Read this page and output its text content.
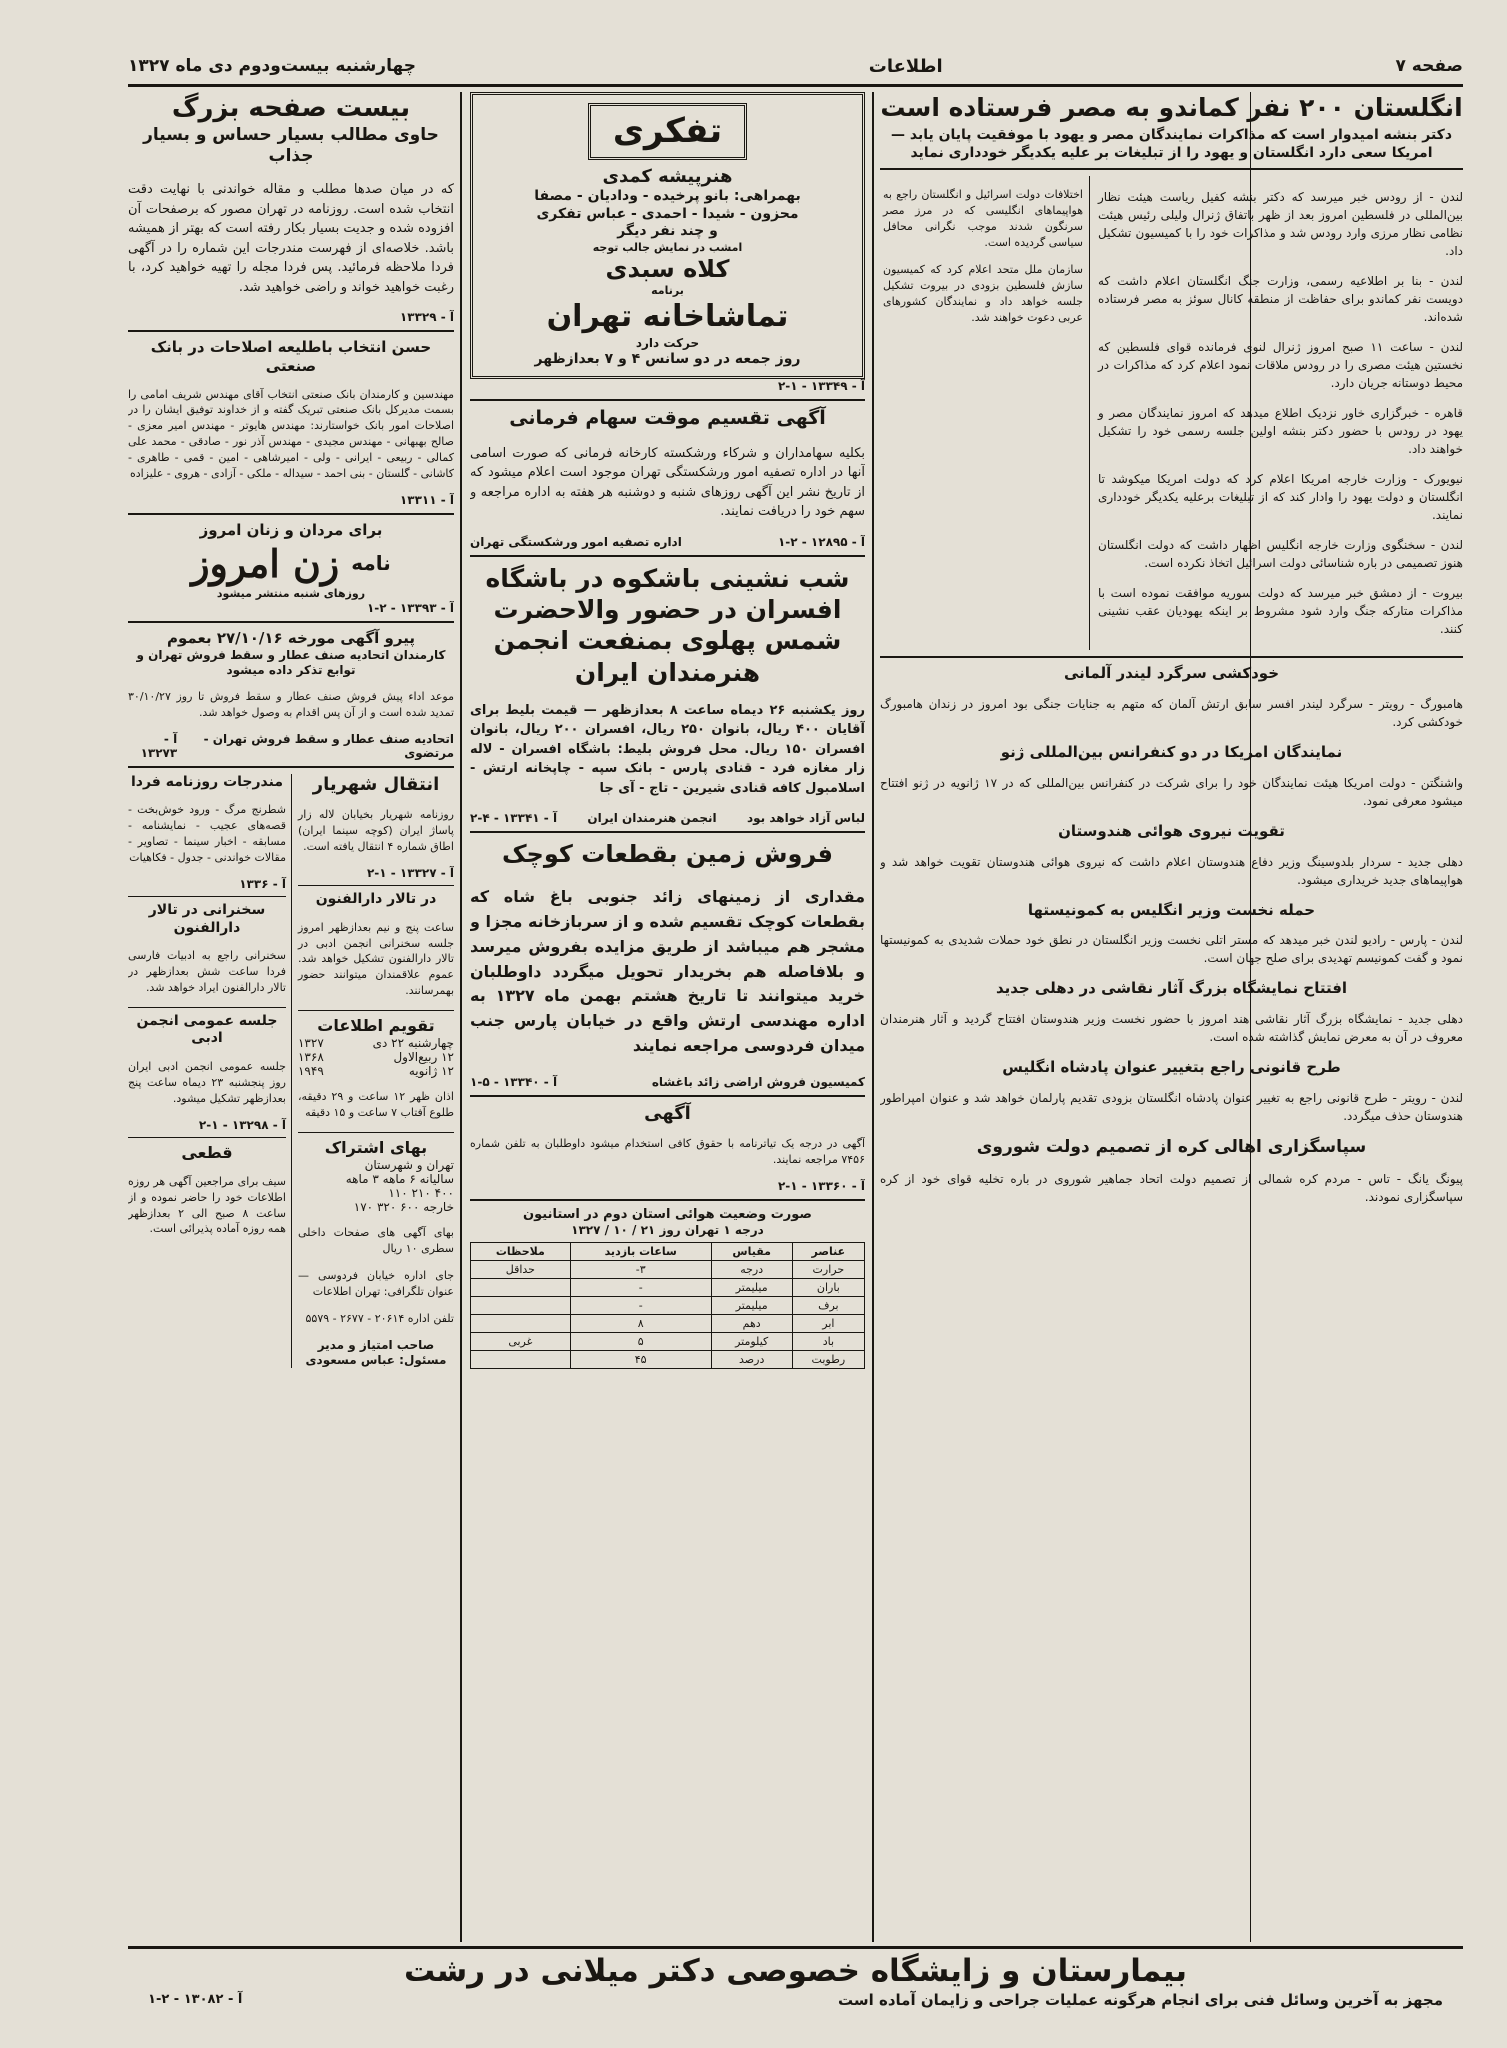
صفحه ۷
اطلاعات
چهارشنبه بیست‌ودوم دی ماه ۱۳۲۷
انگلستان ۲۰۰ نفر کماندو به مصر فرستاده است
دکتر بنشه امیدوار است که مذاکرات نمایندگان مصر و یهود با موفقیت پایان یابد — امریکا سعی دارد انگلستان و یهود را از تبلیغات بر علیه یکدیگر خودداری نماید

لندن - از رودس خبر میرسد که دکتر بنشه کفیل ریاست هیئت نظار بین‌المللی در فلسطین امروز بعد از ظهر باتفاق ژنرال ولیلی رئیس هیئت نظامی نظار مرزی وارد رودس شد و مذاکرات خود را با کمیسیون تشکیل داد.

لندن - بنا بر اطلاعیه رسمی، وزارت جنگ انگلستان اعلام داشت که دویست نفر کماندو برای حفاظت از منطقه کانال سوئز به مصر فرستاده شده‌اند.

لندن - ساعت ۱۱ صبح امروز ژنرال لنوی فرمانده قوای فلسطین که نخستین هیئت مصری را در رودس ملاقات نمود اعلام کرد که مذاکرات در محیط دوستانه جریان دارد.

قاهره - خبرگزاری خاور نزدیک اطلاع میدهد که امروز نمایندگان مصر و یهود در رودس با حضور دکتر بنشه اولین جلسه رسمی خود را تشکیل خواهند داد.

نیویورک - وزارت خارجه امریکا اعلام کرد که دولت امریکا میکوشد تا انگلستان و دولت یهود را وادار کند که از تبلیغات برعلیه یکدیگر خودداری نمایند.

لندن - سخنگوی وزارت خارجه انگلیس اظهار داشت که دولت انگلستان هنوز تصمیمی در باره شناسائی دولت اسرائیل اتخاذ نکرده است.

بیروت - از دمشق خبر میرسد که دولت سوریه موافقت نموده است با مذاکرات متارکه جنگ وارد شود مشروط بر اینکه یهودیان عقب نشینی کنند.

اختلافات دولت اسرائیل و انگلستان راجع به هواپیماهای انگلیسی که در مرز مصر سرنگون شدند موجب نگرانی محافل سیاسی گردیده است.

سازمان ملل متحد اعلام کرد که کمیسیون سازش فلسطین بزودی در بیروت تشکیل جلسه خواهد داد و نمایندگان کشورهای عربی دعوت خواهند شد.

خودکشی سرگرد لیندر آلمانی

هامبورگ - رویتر - سرگرد لیندر افسر سابق ارتش آلمان که متهم به جنایات جنگی بود امروز در زندان هامبورگ خودکشی کرد.

نمایندگان امریکا در دو کنفرانس بین‌المللی ژنو

واشنگتن - دولت امریکا هیئت نمایندگان خود را برای شرکت در کنفرانس بین‌المللی که در ۱۷ ژانویه در ژنو افتتاح میشود معرفی نمود.

تقویت نیروی هوائی هندوستان

دهلی جدید - سردار بلدوسینگ وزیر دفاع هندوستان اعلام داشت که نیروی هوائی هندوستان تقویت خواهد شد و هواپیماهای جدید خریداری میشود.

حمله نخست وزیر انگلیس به کمونیستها

لندن - پارس - رادیو لندن خبر میدهد که مستر اتلی نخست وزیر انگلستان در نطق خود حملات شدیدی به کمونیستها نمود و گفت کمونیسم تهدیدی برای صلح جهان است.

افتتاح نمایشگاه بزرگ آثار نقاشی در دهلی جدید

دهلی جدید - نمایشگاه بزرگ آثار نقاشی هند امروز با حضور نخست وزیر هندوستان افتتاح گردید و آثار هنرمندان معروف در آن به معرض نمایش گذاشته شده است.

طرح قانونی راجع بتغییر عنوان پادشاه انگلیس

لندن - رویتر - طرح قانونی راجع به تغییر عنوان پادشاه انگلستان بزودی تقدیم پارلمان خواهد شد و عنوان امپراطور هندوستان حذف میگردد.

سپاسگزاری اهالی کره از تصمیم دولت شوروی

پیونگ یانگ - تاس - مردم کره شمالی از تصمیم دولت اتحاد جماهیر شوروی در باره تخلیه قوای خود از کره سپاسگزاری نمودند.

تفکری
هنرپیشه کمدی
بهمراهی: بانو پرخیده - ودادیان - مصفا
محزون - شیدا - احمدی - عباس تفکری
و چند نفر دیگر
امشب در نمایش جالب توجه
کلاه سبدی
برنامه
تماشاخانه تهران
حرکت دارد
روز جمعه در دو سانس ۴ و ۷ بعدازظهر
آ - ۱۳۳۴۹ - ۱-۲
آگهی تقسیم موقت سهام فرمانی

بکلیه سهامداران و شرکاء ورشکسته کارخانه فرمانی که صورت اسامی آنها در اداره تصفیه امور ورشکستگی تهران موجود است اعلام میشود که از تاریخ نشر این آگهی روزهای شنبه و دوشنبه هر هفته به اداره مراجعه و سهم خود را دریافت نمایند.

آ - ۱۲۸۹۵ - ۲-۱
اداره تصفیه امور ورشکستگی تهران
شب نشینی باشکوه در باشگاه
افسران در حضور والاحضرت
شمس پهلوی بمنفعت انجمن
هنرمندان ایران

روز یکشنبه ۲۶ دیماه ساعت ۸ بعدازظهر — قیمت بلیط برای آقایان ۴۰۰ ریال، بانوان ۲۵۰ ریال، افسران ۲۰۰ ریال، بانوان افسران ۱۵۰ ریال. محل فروش بلیط: باشگاه افسران - لاله زار مغازه فرد - قنادی پارس - بانک سپه - چاپخانه ارتش - اسلامبول کافه قنادی شیرین - تاج - آی جا

لباس آزاد خواهد بود
انجمن هنرمندان ایران
آ - ۱۳۳۴۱ - ۴-۲
فروش زمین بقطعات کوچک

مقداری از زمینهای زائد جنوبی باغ شاه که بقطعات کوچک تقسیم شده و از سربازخانه مجزا و مشجر هم میباشد از طریق مزایده بفروش میرسد و بلافاصله هم بخریدار تحویل میگردد داوطلبان خرید میتوانند تا تاریخ هشتم بهمن ماه ۱۳۲۷ به اداره مهندسی ارتش واقع در خیابان پارس جنب میدان فردوسی مراجعه نمایند

کمیسیون فروش اراضی زائد باغشاه
آ - ۱۳۳۴۰ - ۵-۱
آگهی

آگهی در درجه یک تیاترنامه با حقوق کافی استخدام میشود داوطلبان به تلفن شماره ۷۴۵۶ مراجعه نمایند.

آ - ۱۳۳۶۰ - ۱-۲
صورت وضعیت هوائی استان دوم در استانیون
درجه ۱ تهران روز ۲۱ / ۱۰ / ۱۳۲۷
عناصر	مقیاس	ساعات بازدید	ملاحظات
حرارت	درجه	۳-	حداقل
باران	میلیمتر	-	
برف	میلیمتر	-	
ابر	دهم	۸	
باد	کیلومتر	۵	غربی
رطوبت	درصد	۴۵	
بیست صفحه بزرگ
حاوی مطالب بسیار حساس و بسیار جذاب

که در میان صدها مطلب و مقاله خواندنی با نهایت دقت انتخاب شده است. روزنامه در تهران مصور که برصفحات آن افزوده شده و جدیت بسیار بکار رفته است که بهتر از همیشه باشد. خلاصه‌ای از فهرست مندرجات این شماره را در آگهی فردا ملاحظه فرمائید. پس فردا مجله را تهیه خواهید کرد، با رغبت خواهید خواند و راضی خواهید شد.

آ - ۱۳۳۲۹
حسن انتخاب باطلیعه اصلاحات در بانک صنعتی

مهندسین و کارمندان بانک صنعتی انتخاب آقای مهندس شریف امامی را بسمت مدیرکل بانک صنعتی تبریک گفته و از خداوند توفیق ایشان را در اصلاحات امور بانک خواستارند: مهندس هایوتر - مهندس امیر معزی - صالح بهبهانی - مهندس مجیدی - مهندس آذر نور - صادقی - محمد علی کمالی - ربیعی - ایرانی - ولی - امیرشاهی - امین - قمی - طاهری - کاشانی - گلستان - بنی احمد - سیداله - ملکی - آزادی - هروی - علیزاده

آ - ۱۳۳۱۱
برای مردان و زنان امروز
نامه
زن امروز
روزهای شنبه منتشر میشود
آ - ۱۳۳۹۳ - ۲-۱
پیرو آگهی مورخه ۲۷/۱۰/۱۶ بعموم
کارمندان اتحادیه صنف عطار و سقط فروش تهران و توابع تذکر داده میشود

موعد اداء پیش فروش صنف عطار و سقط فروش تا روز ۳۰/۱۰/۲۷ تمدید شده است و از آن پس اقدام به وصول خواهد شد.

اتحادیه صنف عطار و سقط فروش تهران - مرتضوی
آ - ۱۳۲۷۳
انتقال شهریار

روزنامه شهریار بخیابان لاله زار پاساژ ایران (کوچه سینما ایران) اطاق شماره ۴ انتقال یافته است.

آ - ۱۳۳۲۷ - ۱-۲
در تالار دارالفنون

ساعت پنج و نیم بعدازظهر امروز جلسه سخنرانی انجمن ادبی در تالار دارالفنون تشکیل خواهد شد. عموم علاقمندان میتوانند حضور بهمرسانند.

تقویم اطلاعات
چهارشنبه ۲۲ دی
۱۳۲۷
۱۲ ربیع‌الاول
۱۳۶۸
۱۲ ژانویه
۱۹۴۹

اذان ظهر ۱۲ ساعت و ۲۹ دقیقه، طلوع آفتاب ۷ ساعت و ۱۵ دقیقه

بهای اشتراک
تهران و شهرستان
سالیانه ۶ ماهه ۳ ماهه
۴۰۰ ۲۱۰ ۱۱۰
خارجه ۶۰۰ ۳۲۰ ۱۷۰

بهای آگهی های صفحات داخلی سطری ۱۰ ریال

جای اداره خیابان فردوسی — عنوان تلگرافی: تهران اطلاعات

تلفن اداره ۲۰۶۱۴ - ۲۶۷۷ - ۵۵۷۹

صاحب امتیاز و مدیر مسئول: عباس مسعودی
مندرجات روزنامه فردا

شطرنج مرگ - ورود خوش‌بخت - قصه‌های عجیب - نمایشنامه - مسابقه - اخبار سینما - تصاویر - مقالات خواندنی - جدول - فکاهیات

آ - ۱۳۳۶
سخنرانی در تالار دارالفنون

سخنرانی راجع به ادبیات فارسی فردا ساعت شش بعدازظهر در تالار دارالفنون ایراد خواهد شد.

جلسه عمومی انجمن ادبی

جلسه عمومی انجمن ادبی ایران روز پنجشنبه ۲۳ دیماه ساعت پنج بعدازظهر تشکیل میشود.

آ - ۱۳۲۹۸ - ۱-۲
قطعی

سیف برای مراجعین آگهی هر روزه اطلاعات خود را حاضر نموده و از ساعت ۸ صبح الی ۲ بعدازظهر همه روزه آماده پذیرائی است.

بیمارستان و زایشگاه خصوصی دکتر میلانی در رشت
مجهز به آخرین وسائل فنی برای انجام هرگونه عملیات جراحی و زایمان آماده است
آ - ۱۳۰۸۲ - ۲-۱
